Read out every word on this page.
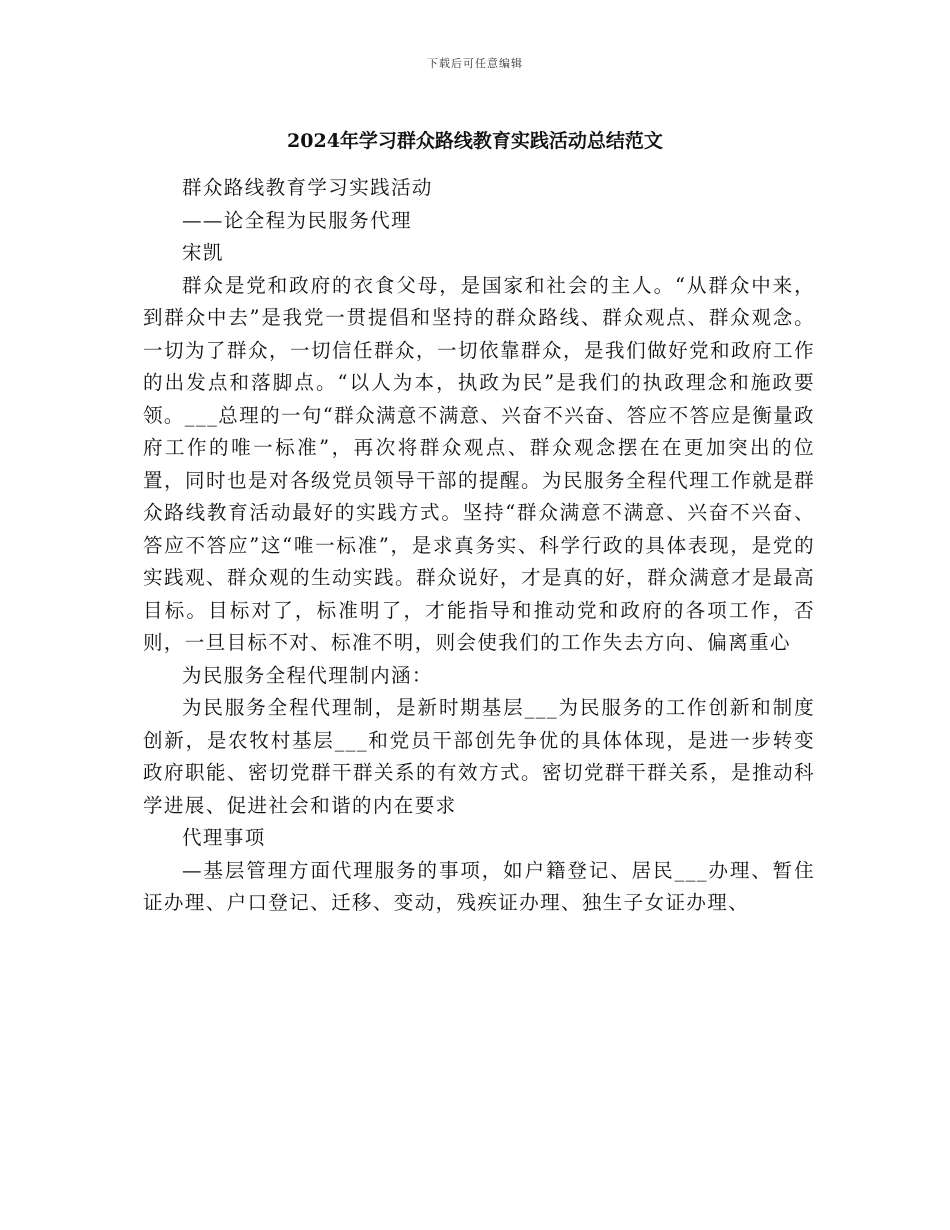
下载后可任意编辑
2024年学习群众路线教育实践活动总结范文

群众路线教育学习实践活动

——论全程为民服务代理

宋凯

群众是党和政府的衣食父母，是国家和社会的主人。“从群众中来，到群众中去”是我党一贯提倡和坚持的群众路线、群众观点、群众观念。一切为了群众，一切信任群众，一切依靠群众，是我们做好党和政府工作的出发点和落脚点。“以人为本，执政为民”是我们的执政理念和施政要领。___总理的一句“群众满意不满意、兴奋不兴奋、答应不答应是衡量政府工作的唯一标准”，再次将群众观点、群众观念摆在在更加突出的位置，同时也是对各级党员领导干部的提醒。为民服务全程代理工作就是群众路线教育活动最好的实践方式。坚持“群众满意不满意、兴奋不兴奋、答应不答应”这“唯一标准”，是求真务实、科学行政的具体表现，是党的实践观、群众观的生动实践。群众说好，才是真的好，群众满意才是最高目标。目标对了，标准明了，才能指导和推动党和政府的各项工作，否则，一旦目标不对、标准不明，则会使我们的工作失去方向、偏离重心

为民服务全程代理制内涵：

为民服务全程代理制，是新时期基层___为民服务的工作创新和制度创新，是农牧村基层___和党员干部创先争优的具体体现，是进一步转变政府职能、密切党群干群关系的有效方式。密切党群干群关系，是推动科学进展、促进社会和谐的内在要求

代理事项

—基层管理方面代理服务的事项，如户籍登记、居民___办理、暂住证办理、户口登记、迁移、变动，残疾证办理、独生子女证办理、
